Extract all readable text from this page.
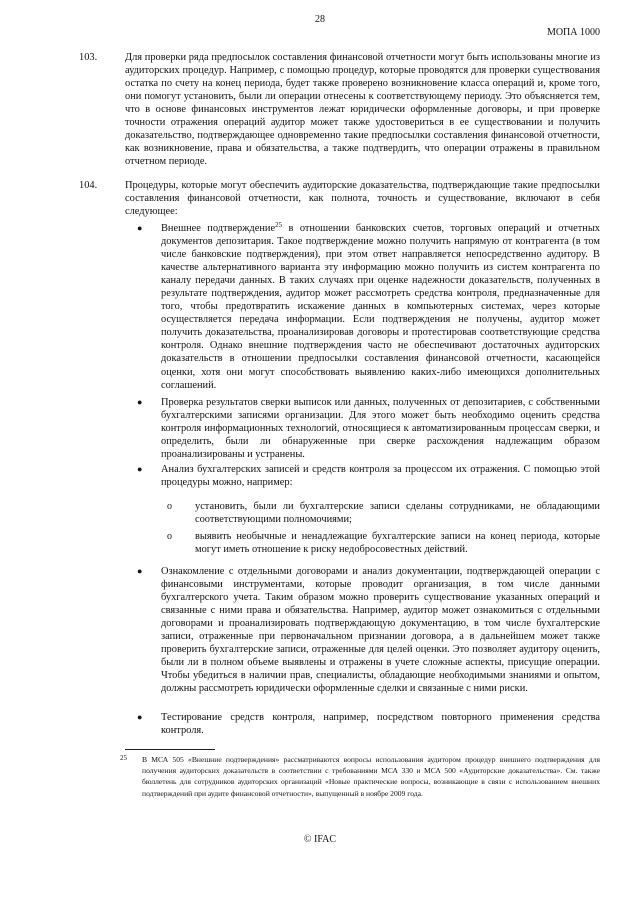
28
МОПА 1000
103.	Для проверки ряда предпосылок составления финансовой отчетности могут быть использованы многие из аудиторских процедур. Например, с помощью процедур, которые проводятся для проверки существования остатка по счету на конец периода, будет также проверено возникновение класса операций и, кроме того, они помогут установить, были ли операции отнесены к соответствующему периоду. Это объясняется тем, что в основе финансовых инструментов лежат юридически оформленные договоры, и при проверке точности отражения операций аудитор может также удостовериться в ее существовании и получить доказательство, подтверждающее одновременно такие предпосылки составления финансовой отчетности, как возникновение, права и обязательства, а также подтвердить, что операции отражены в правильном отчетном периоде.
104.	Процедуры, которые могут обеспечить аудиторские доказательства, подтверждающие такие предпосылки составления финансовой отчетности, как полнота, точность и существование, включают в себя следующее:
● Внешнее подтверждение$^{25}$ в отношении банковских счетов, торговых операций и отчетных документов депозитария. Такое подтверждение можно получить напрямую от контрагента (в том числе банковские подтверждения), при этом ответ направляется непосредственно аудитору. В качестве альтернативного варианта эту информацию можно получить из систем контрагента по каналу передачи данных. В таких случаях при оценке надежности доказательств, полученных в результате подтверждения, аудитор может рассмотреть средства контроля, предназначенные для того, чтобы предотвратить искажение данных в компьютерных системах, через которые осуществляется передача информации. Если подтверждения не получены, аудитор может получить доказательства, проанализировав договоры и протестировав соответствующие средства контроля. Однако внешние подтверждения часто не обеспечивают достаточных аудиторских доказательств в отношении предпосылки составления финансовой отчетности, касающейся оценки, хотя они могут способствовать выявлению каких-либо имеющихся дополнительных соглашений.
● Проверка результатов сверки выписок или данных, полученных от депозитариев, с собственными бухгалтерскими записями организации. Для этого может быть необходимо оценить средства контроля информационных технологий, относящиеся к автоматизированным процессам сверки, и определить, были ли обнаруженные при сверке расхождения надлежащим образом проанализированы и устранены.
● Анализ бухгалтерских записей и средств контроля за процессом их отражения. С помощью этой процедуры можно, например:
o установить, были ли бухгалтерские записи сделаны сотрудниками, не обладающими соответствующими полномочиями;
o выявить необычные и ненадлежащие бухгалтерские записи на конец периода, которые могут иметь отношение к риску недобросовестных действий.
● Ознакомление с отдельными договорами и анализ документации, подтверждающей операции с финансовыми инструментами, которые проводит организация, в том числе данными бухгалтерского учета. Таким образом можно проверить существование указанных операций и связанные с ними права и обязательства. Например, аудитор может ознакомиться с отдельными договорами и проанализировать подтверждающую документацию, в том числе бухгалтерские записи, отраженные при первоначальном признании договора, а в дальнейшем может также проверить бухгалтерские записи, отраженные для целей оценки. Это позволяет аудитору оценить, были ли в полном объеме выявлены и отражены в учете сложные аспекты, присущие операции. Чтобы убедиться в наличии прав, специалисты, обладающие необходимыми знаниями и опытом, должны рассмотреть юридически оформленные сделки и связанные с ними риски.
● Тестирование средств контроля, например, посредством повторного применения средства контроля.
25 В МСА 505 «Внешние подтверждения» рассматриваются вопросы использования аудитором процедур внешнего подтверждения для получения аудиторских доказательств в соответствии с требованиями МСА 330 и МСА 500 «Аудиторские доказательства». См. также бюллетень для сотрудников аудиторских организаций «Новые практические вопросы, возникающие в связи с использованием внешних подтверждений при аудите финансовой отчетности», выпущенный в ноябре 2009 года.
© IFAC
